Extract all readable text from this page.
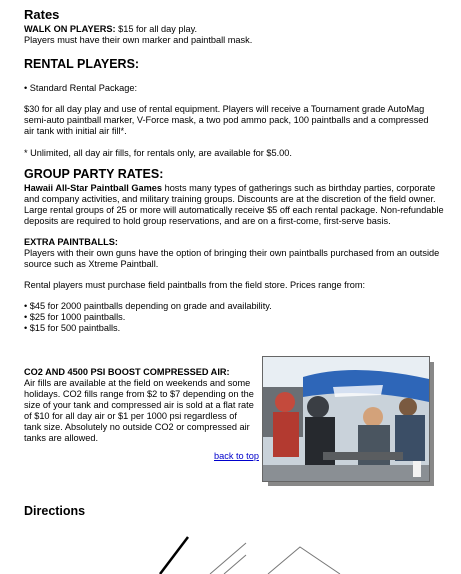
Rates
WALK ON PLAYERS: $15 for all day play.
Players must have their own marker and paintball mask.
RENTAL PLAYERS:
• Standard Rental Package:
$30 for all day play and use of rental equipment. Players will receive a Tournament grade AutoMag semi-auto paintball marker, V-Force mask, a two pod ammo pack, 100 paintballs and a compressed air tank with initial air fill*.
* Unlimited, all day air fills, for rentals only, are available for $5.00.
GROUP PARTY RATES:
Hawaii All-Star Paintball Games hosts many types of gatherings such as birthday parties, corporate and company activities, and military training groups. Discounts are at the discretion of the field owner. Large rental groups of 25 or more will automatically receive $5 off each rental package. Non-refundable deposits are required to hold group reservations, and are on a first-come, first-serve basis.
EXTRA PAINTBALLS:
Players with their own guns have the option of bringing their own paintballs purchased from an outside source such as Xtreme Paintball.
Rental players must purchase field paintballs from the field store. Prices range from:
• $45 for 2000 paintballs depending on grade and availability.
• $25 for 1000 paintballs.
• $15 for 500 paintballs.
CO2 AND 4500 PSI BOOST COMPRESSED AIR:
Air fills are available at the field on weekends and some holidays. CO2 fills range from $2 to $7 depending on the size of your tank and compressed air is sold at a flat rate of $10 for all day air or $1 per 1000 psi regardless of tank size. Absolutely no outside CO2 or compressed air tanks are allowed.
back to top
Directions
